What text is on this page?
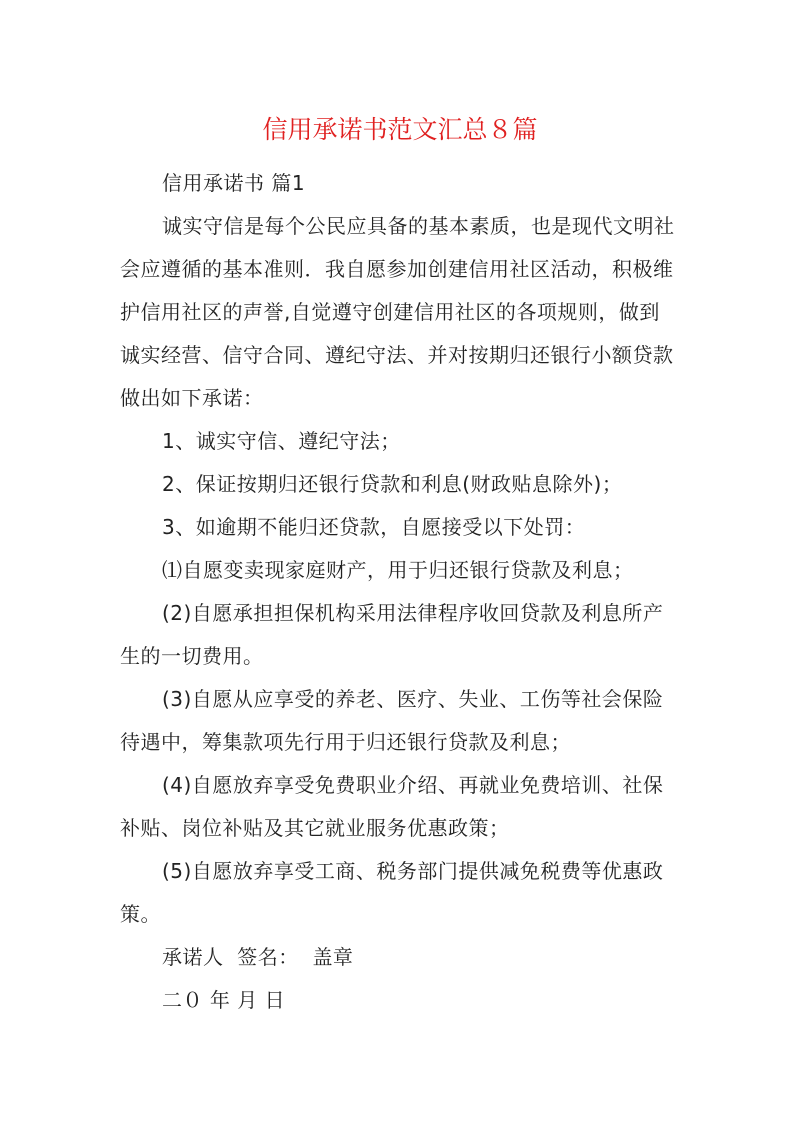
信用承诺书范文汇总８篇

信用承诺书 篇1

诚实守信是每个公民应具备的基本素质，也是现代文明社会应遵循的基本准则．我自愿参加创建信用社区活动，积极维护信用社区的声誉,自觉遵守创建信用社区的各项规则，做到诚实经营、信守合同、遵纪守法、并对按期归还银行小额贷款做出如下承诺：

1、诚实守信、遵纪守法；

2、保证按期归还银行贷款和利息(财政贴息除外)；

3、如逾期不能归还贷款，自愿接受以下处罚：

⑴自愿变卖现家庭财产，用于归还银行贷款及利息；

(2)自愿承担担保机构采用法律程序收回贷款及利息所产生的一切费用。

(3)自愿从应享受的养老、医疗、失业、工伤等社会保险待遇中，筹集款项先行用于归还银行贷款及利息；

(4)自愿放弃享受免费职业介绍、再就业免费培训、社保补贴、岗位补贴及其它就业服务优惠政策；

(5)自愿放弃享受工商、税务部门提供减免税费等优惠政策。

承诺人  签名： 盖章

二０ 年 月 日
